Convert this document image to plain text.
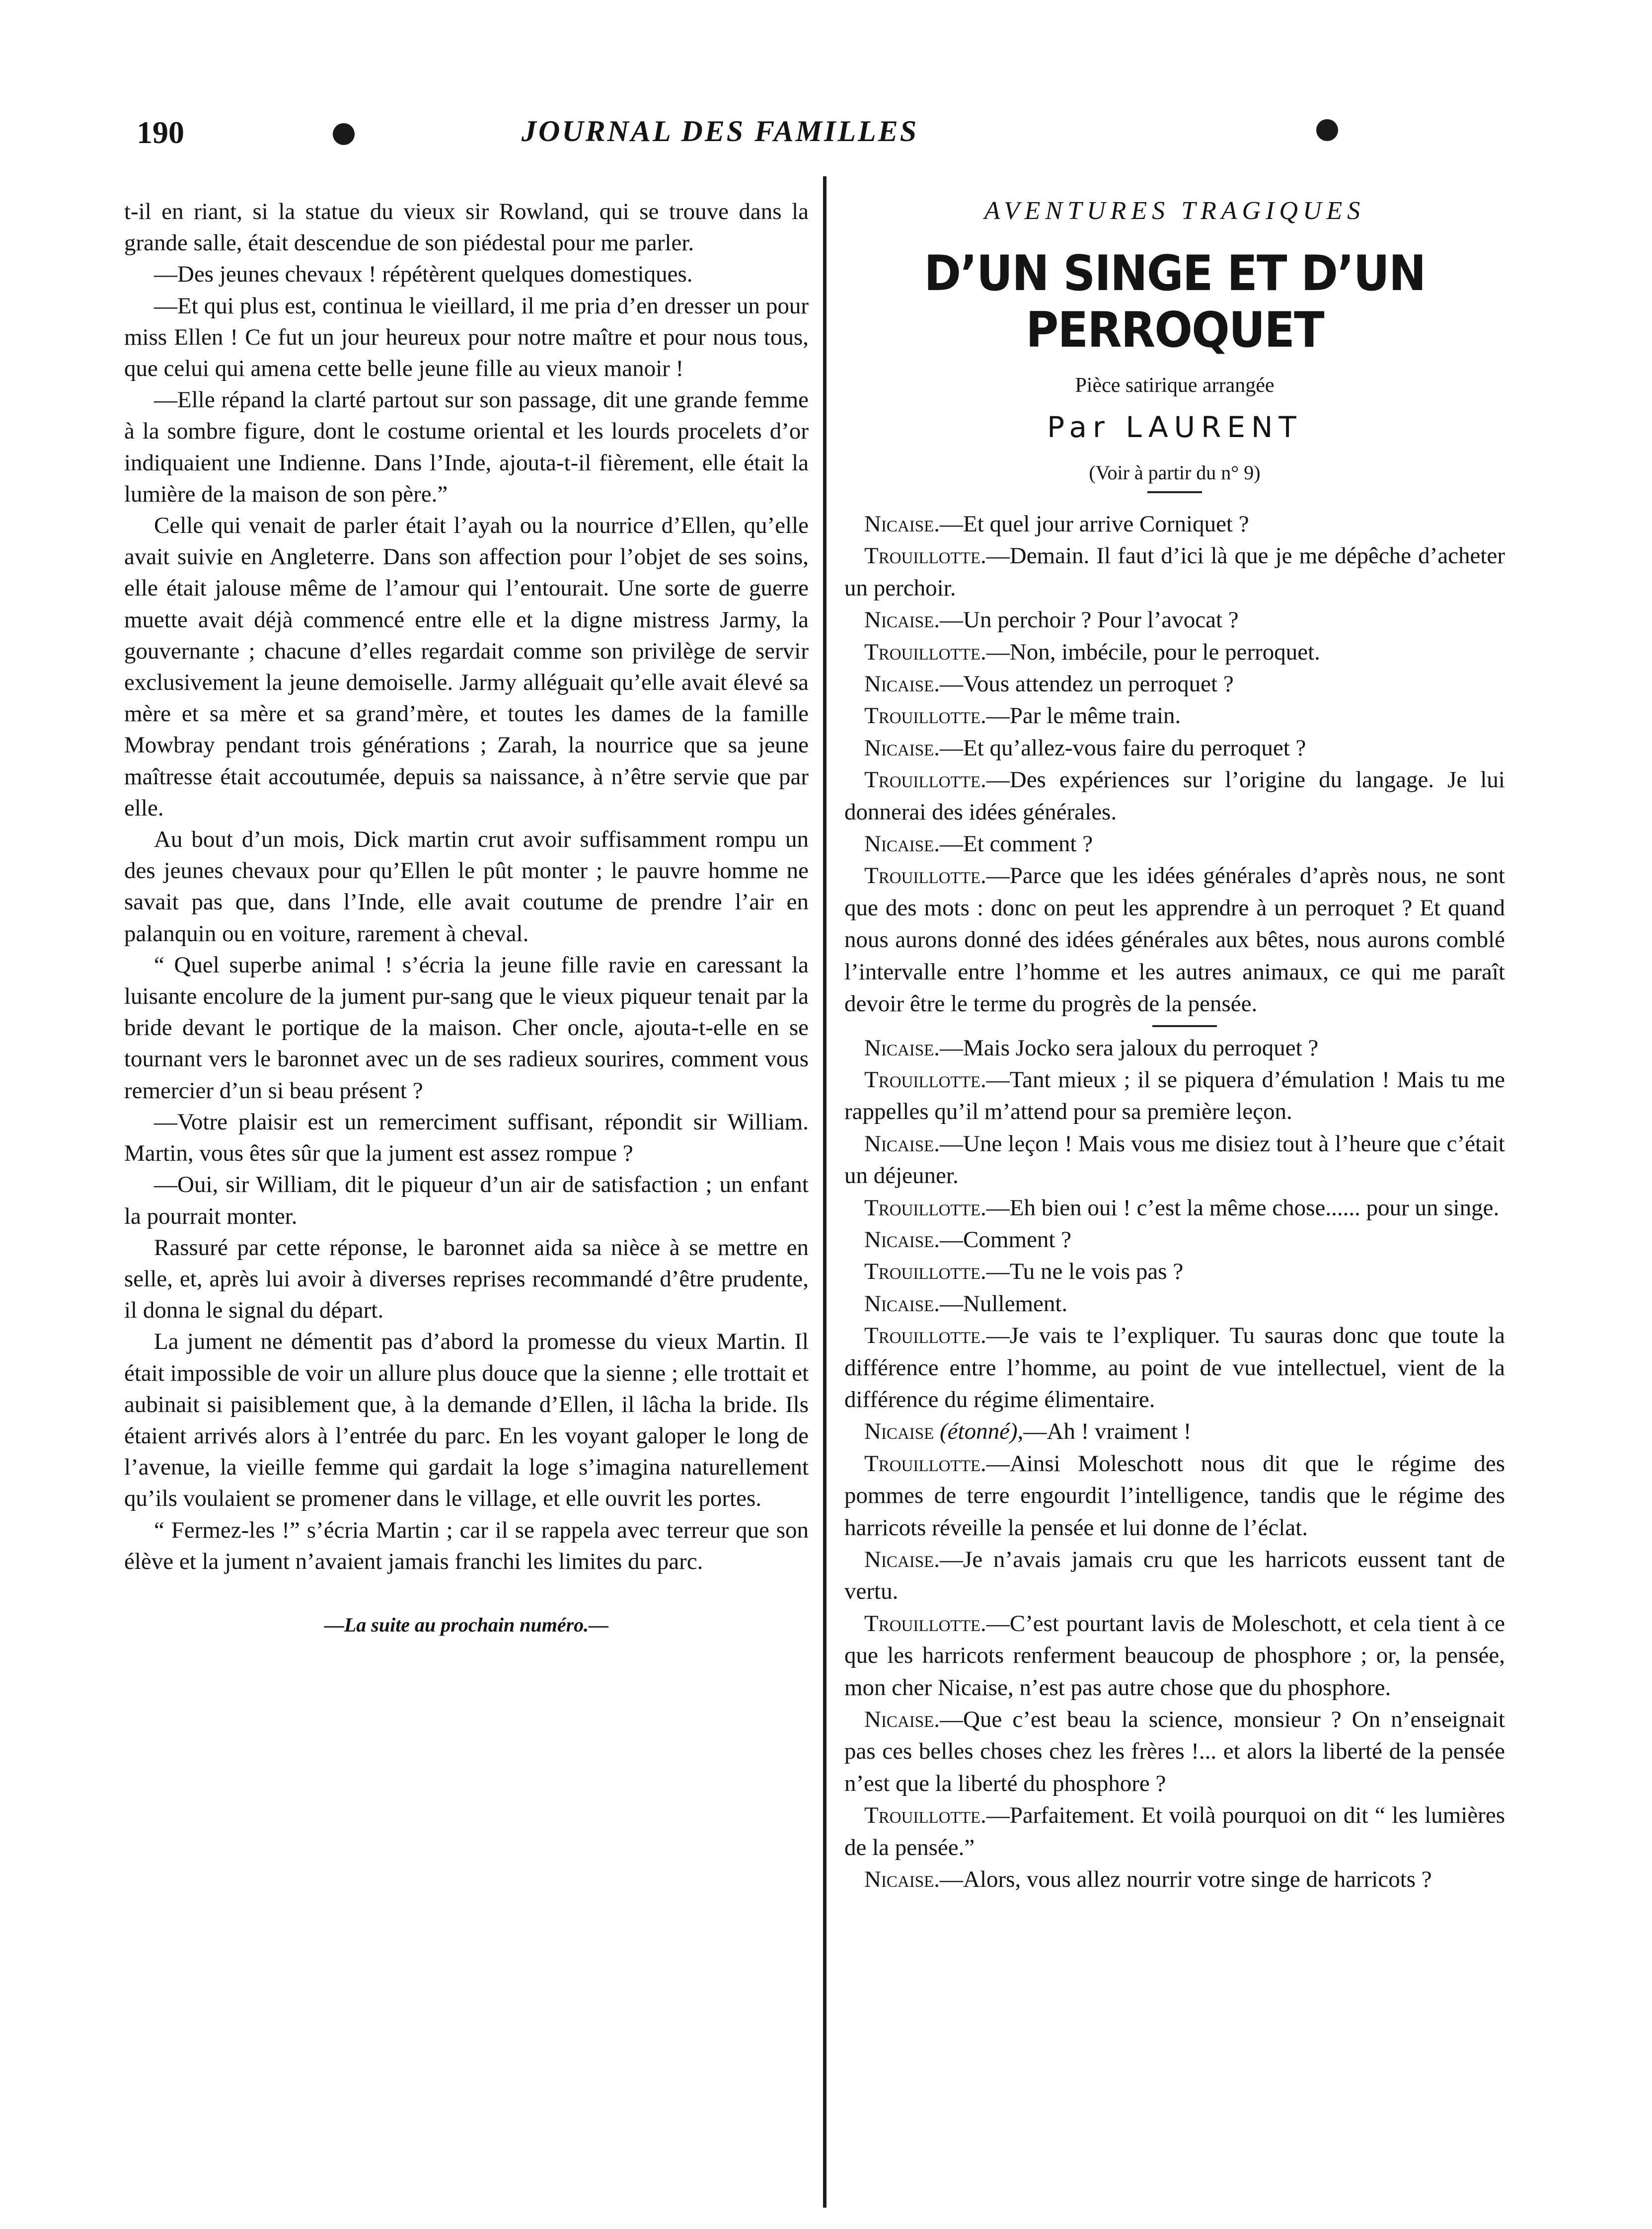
190	JOURNAL DES FAMILLES

t-il en riant, si la statue du vieux sir Rowland, qui se trouve dans la grande salle, était descendue de son piédestal pour me parler.

—Des jeunes chevaux ! répétèrent quelques domestiques.

—Et qui plus est, continua le vieillard, il me pria d’en dresser un pour miss Ellen ! Ce fut un jour heureux pour notre maître et pour nous tous, que celui qui amena cette belle jeune fille au vieux manoir !

—Elle répand la clarté partout sur son passage, dit une grande femme à la sombre figure, dont le costume oriental et les lourds procelets d’or indiquaient une Indienne. Dans l’Inde, ajouta-t-il fièrement, elle était la lumière de la maison de son père.”

Celle qui venait de parler était l’ayah ou la nourrice d’Ellen, qu’elle avait suivie en Angleterre. Dans son affection pour l’objet de ses soins, elle était jalouse même de l’amour qui l’entourait. Une sorte de guerre muette avait déjà commencé entre elle et la digne mistress Jarmy, la gouvernante ; chacune d’elles regardait comme son privilège de servir exclusivement la jeune demoiselle. Jarmy alléguait qu’elle avait élevé sa mère et sa mère et sa grand’mère, et toutes les dames de la famille Mowbray pendant trois générations ; Zarah, la nourrice que sa jeune maîtresse était accoutumée, depuis sa naissance, à n’être servie que par elle.

Au bout d’un mois, Dick martin crut avoir suffisamment rompu un des jeunes chevaux pour qu’Ellen le pût monter ; le pauvre homme ne savait pas que, dans l’Inde, elle avait coutume de prendre l’air en palanquin ou en voiture, rarement à cheval.

“ Quel superbe animal ! s’écria la jeune fille ravie en caressant la luisante encolure de la jument pur-sang que le vieux piqueur tenait par la bride devant le portique de la maison. Cher oncle, ajouta-t-elle en se tournant vers le baronnet avec un de ses radieux sourires, comment vous remercier d’un si beau présent ?

—Votre plaisir est un remerciment suffisant, répondit sir William. Martin, vous êtes sûr que la jument est assez rompue ?

—Oui, sir William, dit le piqueur d’un air de satisfaction ; un enfant la pourrait monter.

Rassuré par cette réponse, le baronnet aida sa nièce à se mettre en selle, et, après lui avoir à diverses reprises recommandé d’être prudente, il donna le signal du départ.

La jument ne démentit pas d’abord la promesse du vieux Martin. Il était impossible de voir un allure plus douce que la sienne ; elle trottait et aubinait si paisiblement que, à la demande d’Ellen, il lâcha la bride. Ils étaient arrivés alors à l’entrée du parc. En les voyant galoper le long de l’avenue, la vieille femme qui gardait la loge s’imagina naturellement qu’ils voulaient se promener dans le village, et elle ouvrit les portes.

“ Fermez-les !” s’écria Martin ; car il se rappela avec terreur que son élève et la jument n’avaient jamais franchi les limites du parc.

—La suite au prochain numéro.—
AVENTURES TRAGIQUES
D’UN SINGE ET D’UN PERROQUET
Pièce satirique arrangée
Par LAURENT
(Voir à partir du n° 9)

Nicaise.—Et quel jour arrive Corniquet ?

Trouillotte.—Demain. Il faut d’ici là que je me dépêche d’acheter un perchoir.

Nicaise.—Un perchoir ? Pour l’avocat ?

Trouillotte.—Non, imbécile, pour le perroquet.

Nicaise.—Vous attendez un perroquet ?

Trouillotte.—Par le même train.

Nicaise.—Et qu’allez-vous faire du perroquet ?

Trouillotte.—Des expériences sur l’origine du langage. Je lui donnerai des idées générales.

Nicaise.—Et comment ?

Trouillotte.—Parce que les idées générales d’après nous, ne sont que des mots : donc on peut les apprendre à un perroquet ? Et quand nous aurons donné des idées générales aux bêtes, nous aurons comblé l’intervalle entre l’homme et les autres animaux, ce qui me paraît devoir être le terme du progrès de la pensée.

Nicaise.—Mais Jocko sera jaloux du perroquet ?

Trouillotte.—Tant mieux ; il se piquera d’émulation ! Mais tu me rappelles qu’il m’attend pour sa première leçon.

Nicaise.—Une leçon ! Mais vous me disiez tout à l’heure que c’était un déjeuner.

Trouillotte.—Eh bien oui ! c’est la même chose...... pour un singe.

Nicaise.—Comment ?

Trouillotte.—Tu ne le vois pas ?

Nicaise.—Nullement.

Trouillotte.—Je vais te l’expliquer. Tu sauras donc que toute la différence entre l’homme, au point de vue intellectuel, vient de la différence du régime élimentaire.

Nicaise (étonné),—Ah ! vraiment !

Trouillotte.—Ainsi Moleschott nous dit que le régime des pommes de terre engourdit l’intelligence, tandis que le régime des harricots réveille la pensée et lui donne de l’éclat.

Nicaise.—Je n’avais jamais cru que les harricots eussent tant de vertu.

Trouillotte.—C’est pourtant lavis de Moleschott, et cela tient à ce que les harricots renferment beaucoup de phosphore ; or, la pensée, mon cher Nicaise, n’est pas autre chose que du phosphore.

Nicaise.—Que c’est beau la science, monsieur ? On n’enseignait pas ces belles choses chez les frères !... et alors la liberté de la pensée n’est que la liberté du phosphore ?

Trouillotte.—Parfaitement. Et voilà pourquoi on dit “ les lumières de la pensée.”

Nicaise.—Alors, vous allez nourrir votre singe de harricots ?
